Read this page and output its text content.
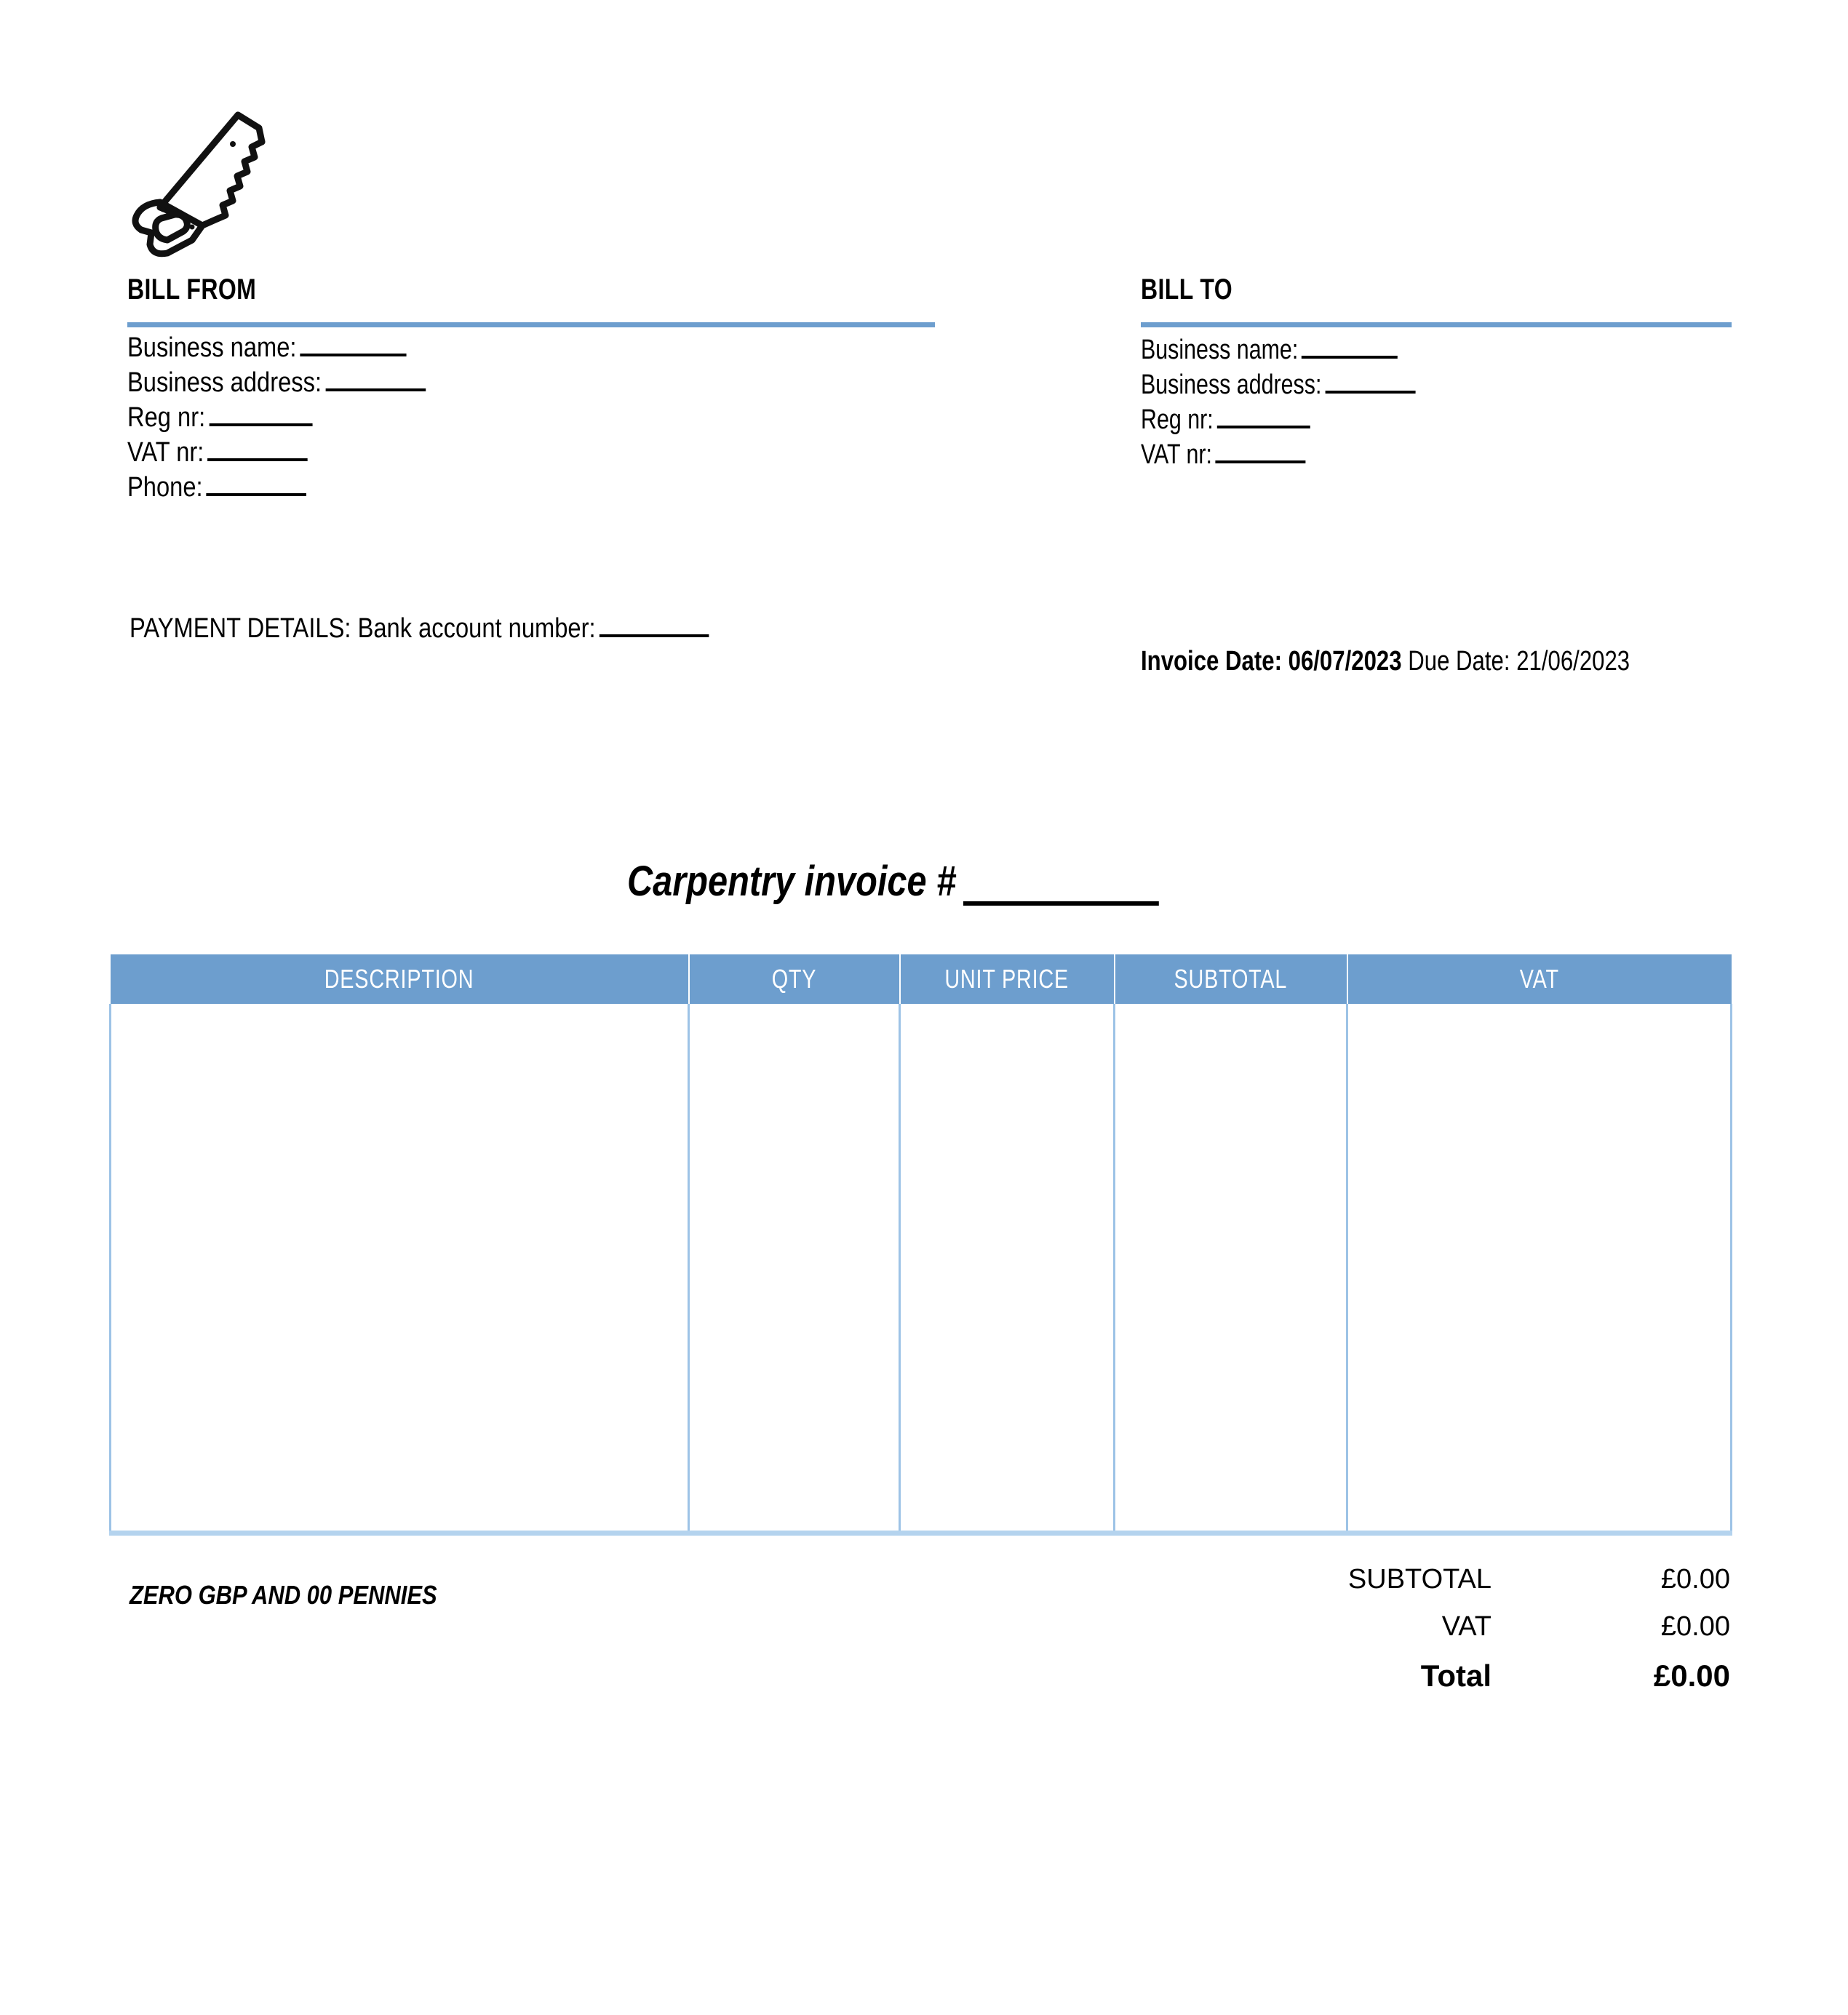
BILL FROM
Business name:
Business address:
Reg nr:
VAT nr:
Phone:
BILL TO
Business name:
Business address:
Reg nr:
VAT nr:
PAYMENT DETAILS: Bank account number:
Invoice Date: 06/07/2023 Due Date: 21/06/2023
Carpentry invoice #
DESCRIPTION	QTY	UNIT PRICE	SUBTOTAL	VAT

ZERO GBP AND 00 PENNIES
SUBTOTAL	£0.00
VAT	£0.00
Total	£0.00
